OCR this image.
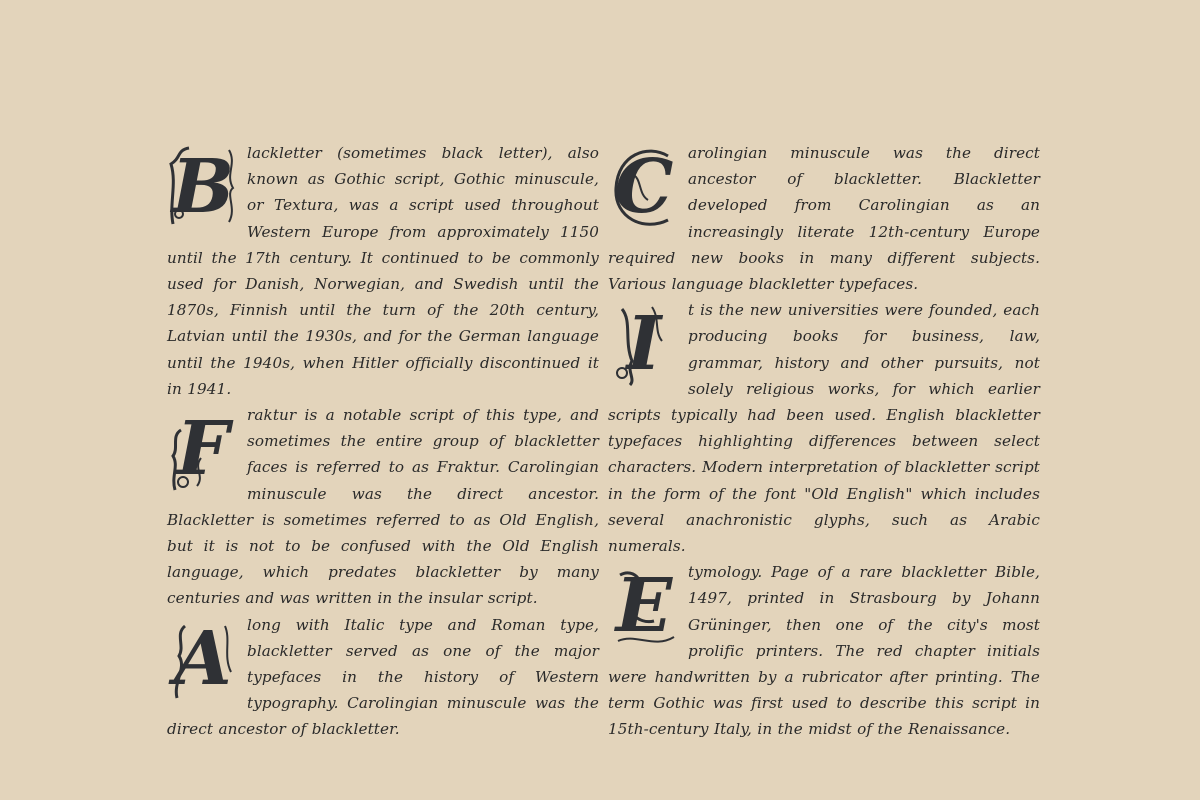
B lackletter (sometimes black letter), also known as Gothic script, Gothic minuscule, or Textura, was a script used throughout Western Europe from approximately 1150 until the 17th century. It continued to be commonly used for Danish, Norwegian, and Swedish until the 1870s, Finnish until the turn of the 20th century, Latvian until the 1930s, and for the German language until the 1940s, when Hitler officially discontinued it in 1941.

F	raktur is a notable script of this type, and sometimes the entire group of blackletter faces is referred to as Fraktur. Carolingian minuscule was the direct ancestor. Blackletter is sometimes referred to as Old English, but it is not to be confused with the Old English language, which predates blackletter by many centuries and was written in the insular script.

A	long with Italic type and Roman type, blackletter served as one of the major typefaces in the history of Western typography. Carolingian minuscule was the direct ancestor of blackletter.

C arolingian minuscule was the direct ancestor of blackletter. Blackletter developed from Carolingian as an increasingly literate 12th-century Europe required new books in many different subjects. Various language blackletter typefaces.

I	t is the new universities were founded, each producing books for business, law, grammar, history and other pursuits, not solely religious works, for which earlier scripts typically had been used. English blackletter typefaces highlighting differences between select characters. Modern interpretation of blackletter script in the form of the font "Old English" which includes several anachronistic glyphs, such as Arabic numerals.

E	tymology. Page of a rare blackletter Bible, 1497, printed in Strasbourg by Johann Grüninger, then one of the city's most prolific printers. The red chapter initials were handwritten by a rubricator after printing. The term Gothic was first used to describe this script in 15th-century Italy, in the midst of the Renaissance.
